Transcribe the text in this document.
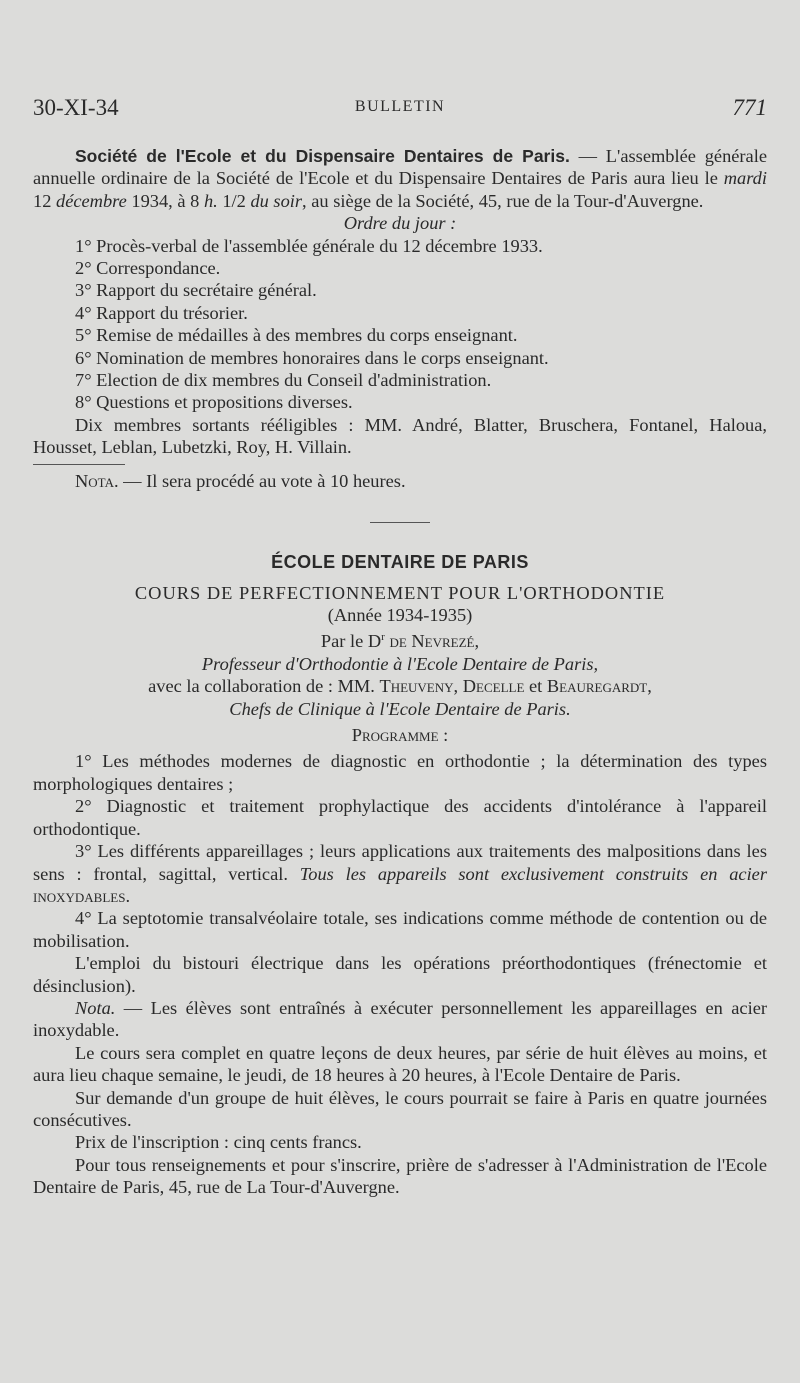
30-XI-34	BULLETIN	771

Société de l'Ecole et du Dispensaire Dentaires de Paris. — L'assemblée générale annuelle ordinaire de la Société de l'Ecole et du Dispensaire Dentaires de Paris aura lieu le mardi 12 décembre 1934, à 8 h. 1/2 du soir, au siège de la Société, 45, rue de la Tour-d'Auvergne.

Ordre du jour :

1° Procès-verbal de l'assemblée générale du 12 décembre 1933.

2° Correspondance.

3° Rapport du secrétaire général.

4° Rapport du trésorier.

5° Remise de médailles à des membres du corps enseignant.

6° Nomination de membres honoraires dans le corps enseignant.

7° Election de dix membres du Conseil d'administration.

8° Questions et propositions diverses.

Dix membres sortants rééligibles : MM. André, Blatter, Bruschera, Fontanel, Haloua, Housset, Leblan, Lubetzki, Roy, H. Villain.

Nota. — Il sera procédé au vote à 10 heures.

ÉCOLE DENTAIRE DE PARIS

COURS DE PERFECTIONNEMENT POUR L'ORTHODONTIE

(Année 1934-1935)

Par le $D^r$ de Nevrezé,

Professeur d'Orthodontie à l'Ecole Dentaire de Paris,

avec la collaboration de : MM. Theuveny, Decelle et Beauregardt,

Chefs de Clinique à l'Ecole Dentaire de Paris.

Programme :

1° Les méthodes modernes de diagnostic en orthodontie ; la détermination des types morphologiques dentaires ;

2° Diagnostic et traitement prophylactique des accidents d'intolérance à l'appareil orthodontique.

3° Les différents appareillages ; leurs applications aux traitements des malpositions dans les sens : frontal, sagittal, vertical. Tous les appareils sont exclusivement construits en acier inoxydables.

4° La septotomie transalvéolaire totale, ses indications comme méthode de contention ou de mobilisation.

L'emploi du bistouri électrique dans les opérations préorthodontiques (frénectomie et désinclusion).

Nota. — Les élèves sont entraînés à exécuter personnellement les appareillages en acier inoxydable.

Le cours sera complet en quatre leçons de deux heures, par série de huit élèves au moins, et aura lieu chaque semaine, le jeudi, de 18 heures à 20 heures, à l'Ecole Dentaire de Paris.

Sur demande d'un groupe de huit élèves, le cours pourrait se faire à Paris en quatre journées consécutives.

Prix de l'inscription : cinq cents francs.

Pour tous renseignements et pour s'inscrire, prière de s'adresser à l'Administration de l'Ecole Dentaire de Paris, 45, rue de La Tour-d'Auvergne.
